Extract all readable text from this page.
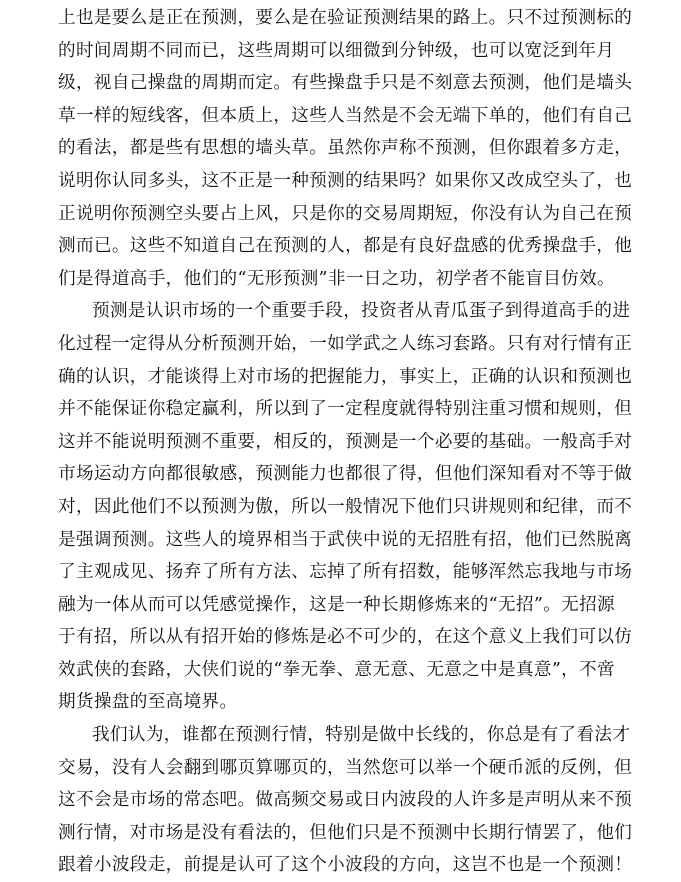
上也是要么是正在预测，要么是在验证预测结果的路上。只不过预测标的
的时间周期不同而已，这些周期可以细微到分钟级，也可以宽泛到年月
级，视自己操盘的周期而定。有些操盘手只是不刻意去预测，他们是墙头
草一样的短线客，但本质上，这些人当然是不会无端下单的，他们有自己
的看法，都是些有思想的墙头草。虽然你声称不预测，但你跟着多方走，
说明你认同多头，这不正是一种预测的结果吗？如果你又改成空头了，也
正说明你预测空头要占上风，只是你的交易周期短，你没有认为自己在预
测而已。这些不知道自己在预测的人，都是有良好盘感的优秀操盘手，他
们是得道高手，他们的“无形预测”非一日之功，初学者不能盲目仿效。
预测是认识市场的一个重要手段，投资者从青瓜蛋子到得道高手的进
化过程一定得从分析预测开始，一如学武之人练习套路。只有对行情有正
确的认识，才能谈得上对市场的把握能力，事实上，正确的认识和预测也
并不能保证你稳定赢利，所以到了一定程度就得特别注重习惯和规则，但
这并不能说明预测不重要，相反的，预测是一个必要的基础。一般高手对
市场运动方向都很敏感，预测能力也都很了得，但他们深知看对不等于做
对，因此他们不以预测为傲，所以一般情况下他们只讲规则和纪律，而不
是强调预测。这些人的境界相当于武侠中说的无招胜有招，他们已然脱离
了主观成见、扬弃了所有方法、忘掉了所有招数，能够浑然忘我地与市场
融为一体从而可以凭感觉操作，这是一种长期修炼来的“无招”。无招源
于有招，所以从有招开始的修炼是必不可少的，在这个意义上我们可以仿
效武侠的套路，大侠们说的“拳无拳、意无意、无意之中是真意”，不啻
期货操盘的至高境界。
我们认为，谁都在预测行情，特别是做中长线的，你总是有了看法才
交易，没有人会翻到哪页算哪页的，当然您可以举一个硬币派的反例，但
这不会是市场的常态吧。做高频交易或日内波段的人许多是声明从来不预
测行情，对市场是没有看法的，但他们只是不预测中长期行情罢了，他们
跟着小波段走，前提是认可了这个小波段的方向，这岂不也是一个预测！
